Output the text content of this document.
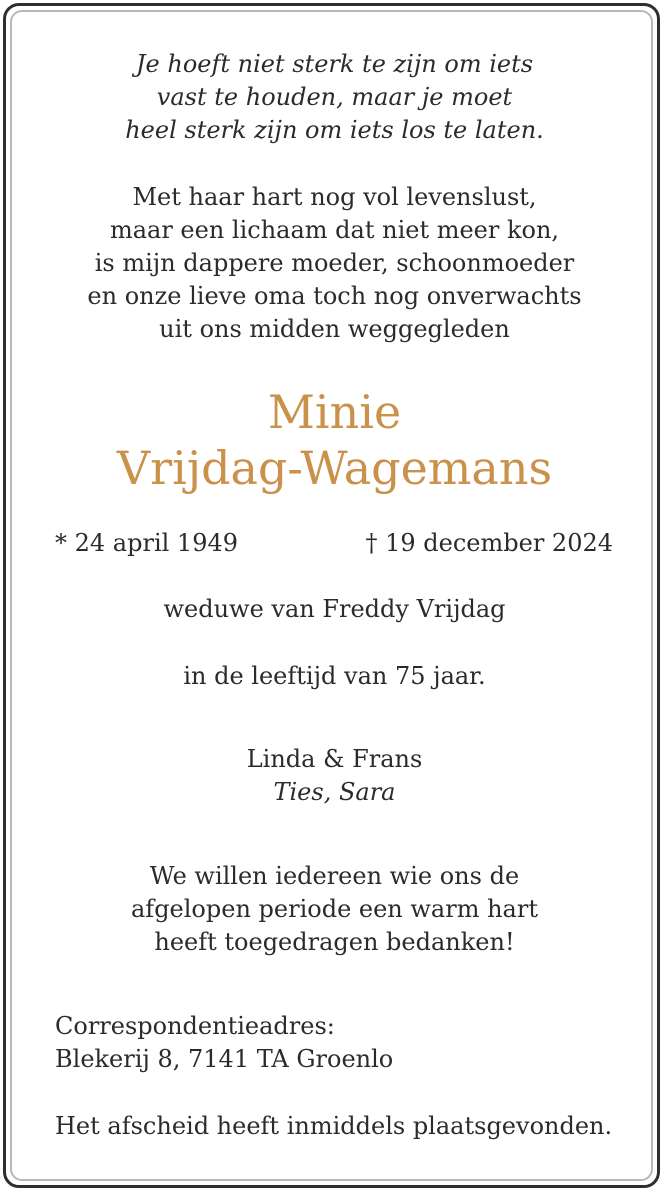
Je hoeft niet sterk te zijn om iets
vast te houden, maar je moet
heel sterk zijn om iets los te laten.
Met haar hart nog vol levenslust,
maar een lichaam dat niet meer kon,
is mijn dappere moeder, schoonmoeder
en onze lieve oma toch nog onverwachts
uit ons midden weggegleden
Minie
Vrijdag-Wagemans
* 24 april 1949	† 19 december 2024
weduwe van Freddy Vrijdag
in de leeftijd van 75 jaar.
Linda & Frans
Ties, Sara
We willen iedereen wie ons de
afgelopen periode een warm hart
heeft toegedragen bedanken!
Correspondentieadres:
Blekerij 8, 7141 TA Groenlo
Het afscheid heeft inmiddels plaatsgevonden.
